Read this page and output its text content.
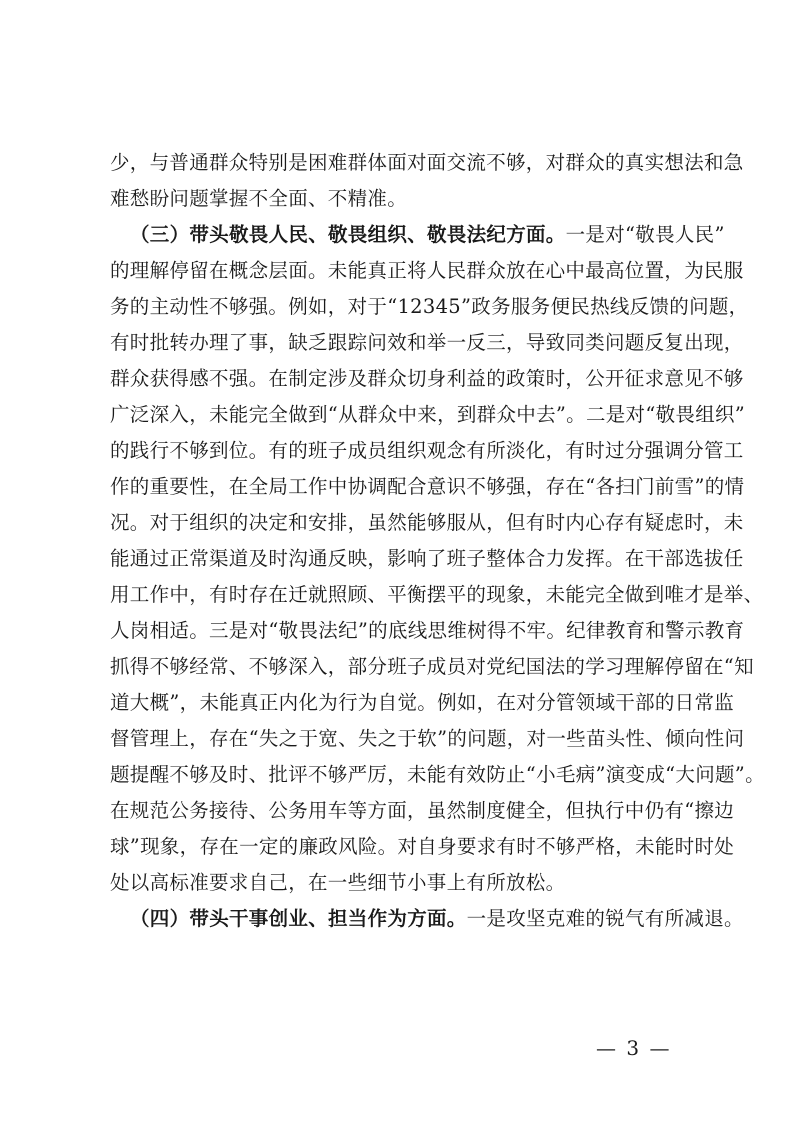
少，与普通群众特别是困难群体面对面交流不够，对群众的真实想法和急
难愁盼问题掌握不全面、不精准。
（三）带头敬畏人民、敬畏组织、敬畏法纪方面。一是对“敬畏人民”
的理解停留在概念层面。未能真正将人民群众放在心中最高位置，为民服
务的主动性不够强。例如，对于“12345”政务服务便民热线反馈的问题，
有时批转办理了事，缺乏跟踪问效和举一反三，导致同类问题反复出现，
群众获得感不强。在制定涉及群众切身利益的政策时，公开征求意见不够
广泛深入，未能完全做到“从群众中来，到群众中去”。二是对“敬畏组织”
的践行不够到位。有的班子成员组织观念有所淡化，有时过分强调分管工
作的重要性，在全局工作中协调配合意识不够强，存在“各扫门前雪”的情
况。对于组织的决定和安排，虽然能够服从，但有时内心存有疑虑时，未
能通过正常渠道及时沟通反映，影响了班子整体合力发挥。在干部选拔任
用工作中，有时存在迁就照顾、平衡摆平的现象，未能完全做到唯才是举、
人岗相适。三是对“敬畏法纪”的底线思维树得不牢。纪律教育和警示教育
抓得不够经常、不够深入，部分班子成员对党纪国法的学习理解停留在“知
道大概”，未能真正内化为行为自觉。例如，在对分管领域干部的日常监
督管理上，存在“失之于宽、失之于软”的问题，对一些苗头性、倾向性问
题提醒不够及时、批评不够严厉，未能有效防止“小毛病”演变成“大问题”。
在规范公务接待、公务用车等方面，虽然制度健全，但执行中仍有“擦边
球”现象，存在一定的廉政风险。对自身要求有时不够严格，未能时时处
处以高标准要求自己，在一些细节小事上有所放松。
（四）带头干事创业、担当作为方面。一是攻坚克难的锐气有所减退。
— 3 —
